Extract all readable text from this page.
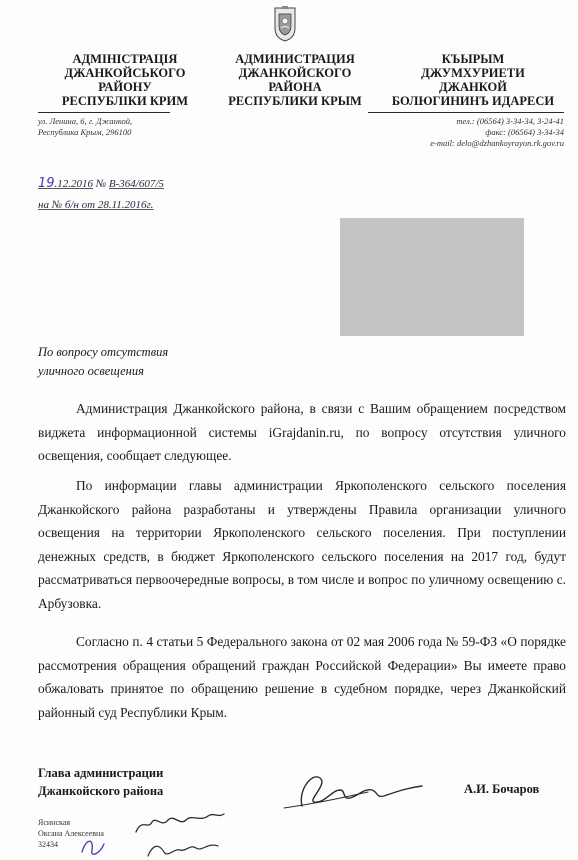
АДМІНІСТРАЦІЯ
ДЖАНКОЙСЬКОГО
РАЙОНУ
РЕСПУБЛІКИ КРИМ
АДМИНИСТРАЦИЯ
ДЖАНКОЙСКОГО
РАЙОНА
РЕСПУБЛИКИ КРЫМ
КЪЫРЫМ
ДЖУМХУРИЕТИ
ДЖАНКОЙ
БОЛЮГИНИНЪ ИДАРЕСИ
ул. Ленина, 6, г. Джанкой,
Республика Крым, 296100
тел.: (06564) 3-34-34, 3-24-41
факс: (06564) 3-34-34
e-mail: delo@dzhankoyrayon.rk.gov.ru
19.12.2016 № В-364/607/5
на № б/н от 28.11.2016г.
По вопросу отсутствия
уличного освещения
Администрация Джанкойского района, в связи с Вашим обращением посредством виджета информационной системы iGrajdanin.ru, по вопросу отсутствия уличного освещения, сообщает следующее.
По информации главы администрации Яркополенского сельского поселения Джанкойского района разработаны и утверждены Правила организации уличного освещения на территории Яркополенского сельского поселения. При поступлении денежных средств, в бюджет Яркополенского сельского поселения на 2017 год, будут рассматриваться первоочередные вопросы, в том числе и вопрос по уличному освещению с. Арбузовка.
Согласно п. 4 статьи 5 Федерального закона от 02 мая 2006 года № 59-ФЗ «О порядке рассмотрения обращения обращений граждан Российской Федерации» Вы имеете право обжаловать принятое по обращению решение в судебном порядке, через Джанкойский районный суд Республики Крым.
Глава администрации
Джанкойского района	А.И. Бочаров
Ясинская
Оксана Алексеевна
32434
